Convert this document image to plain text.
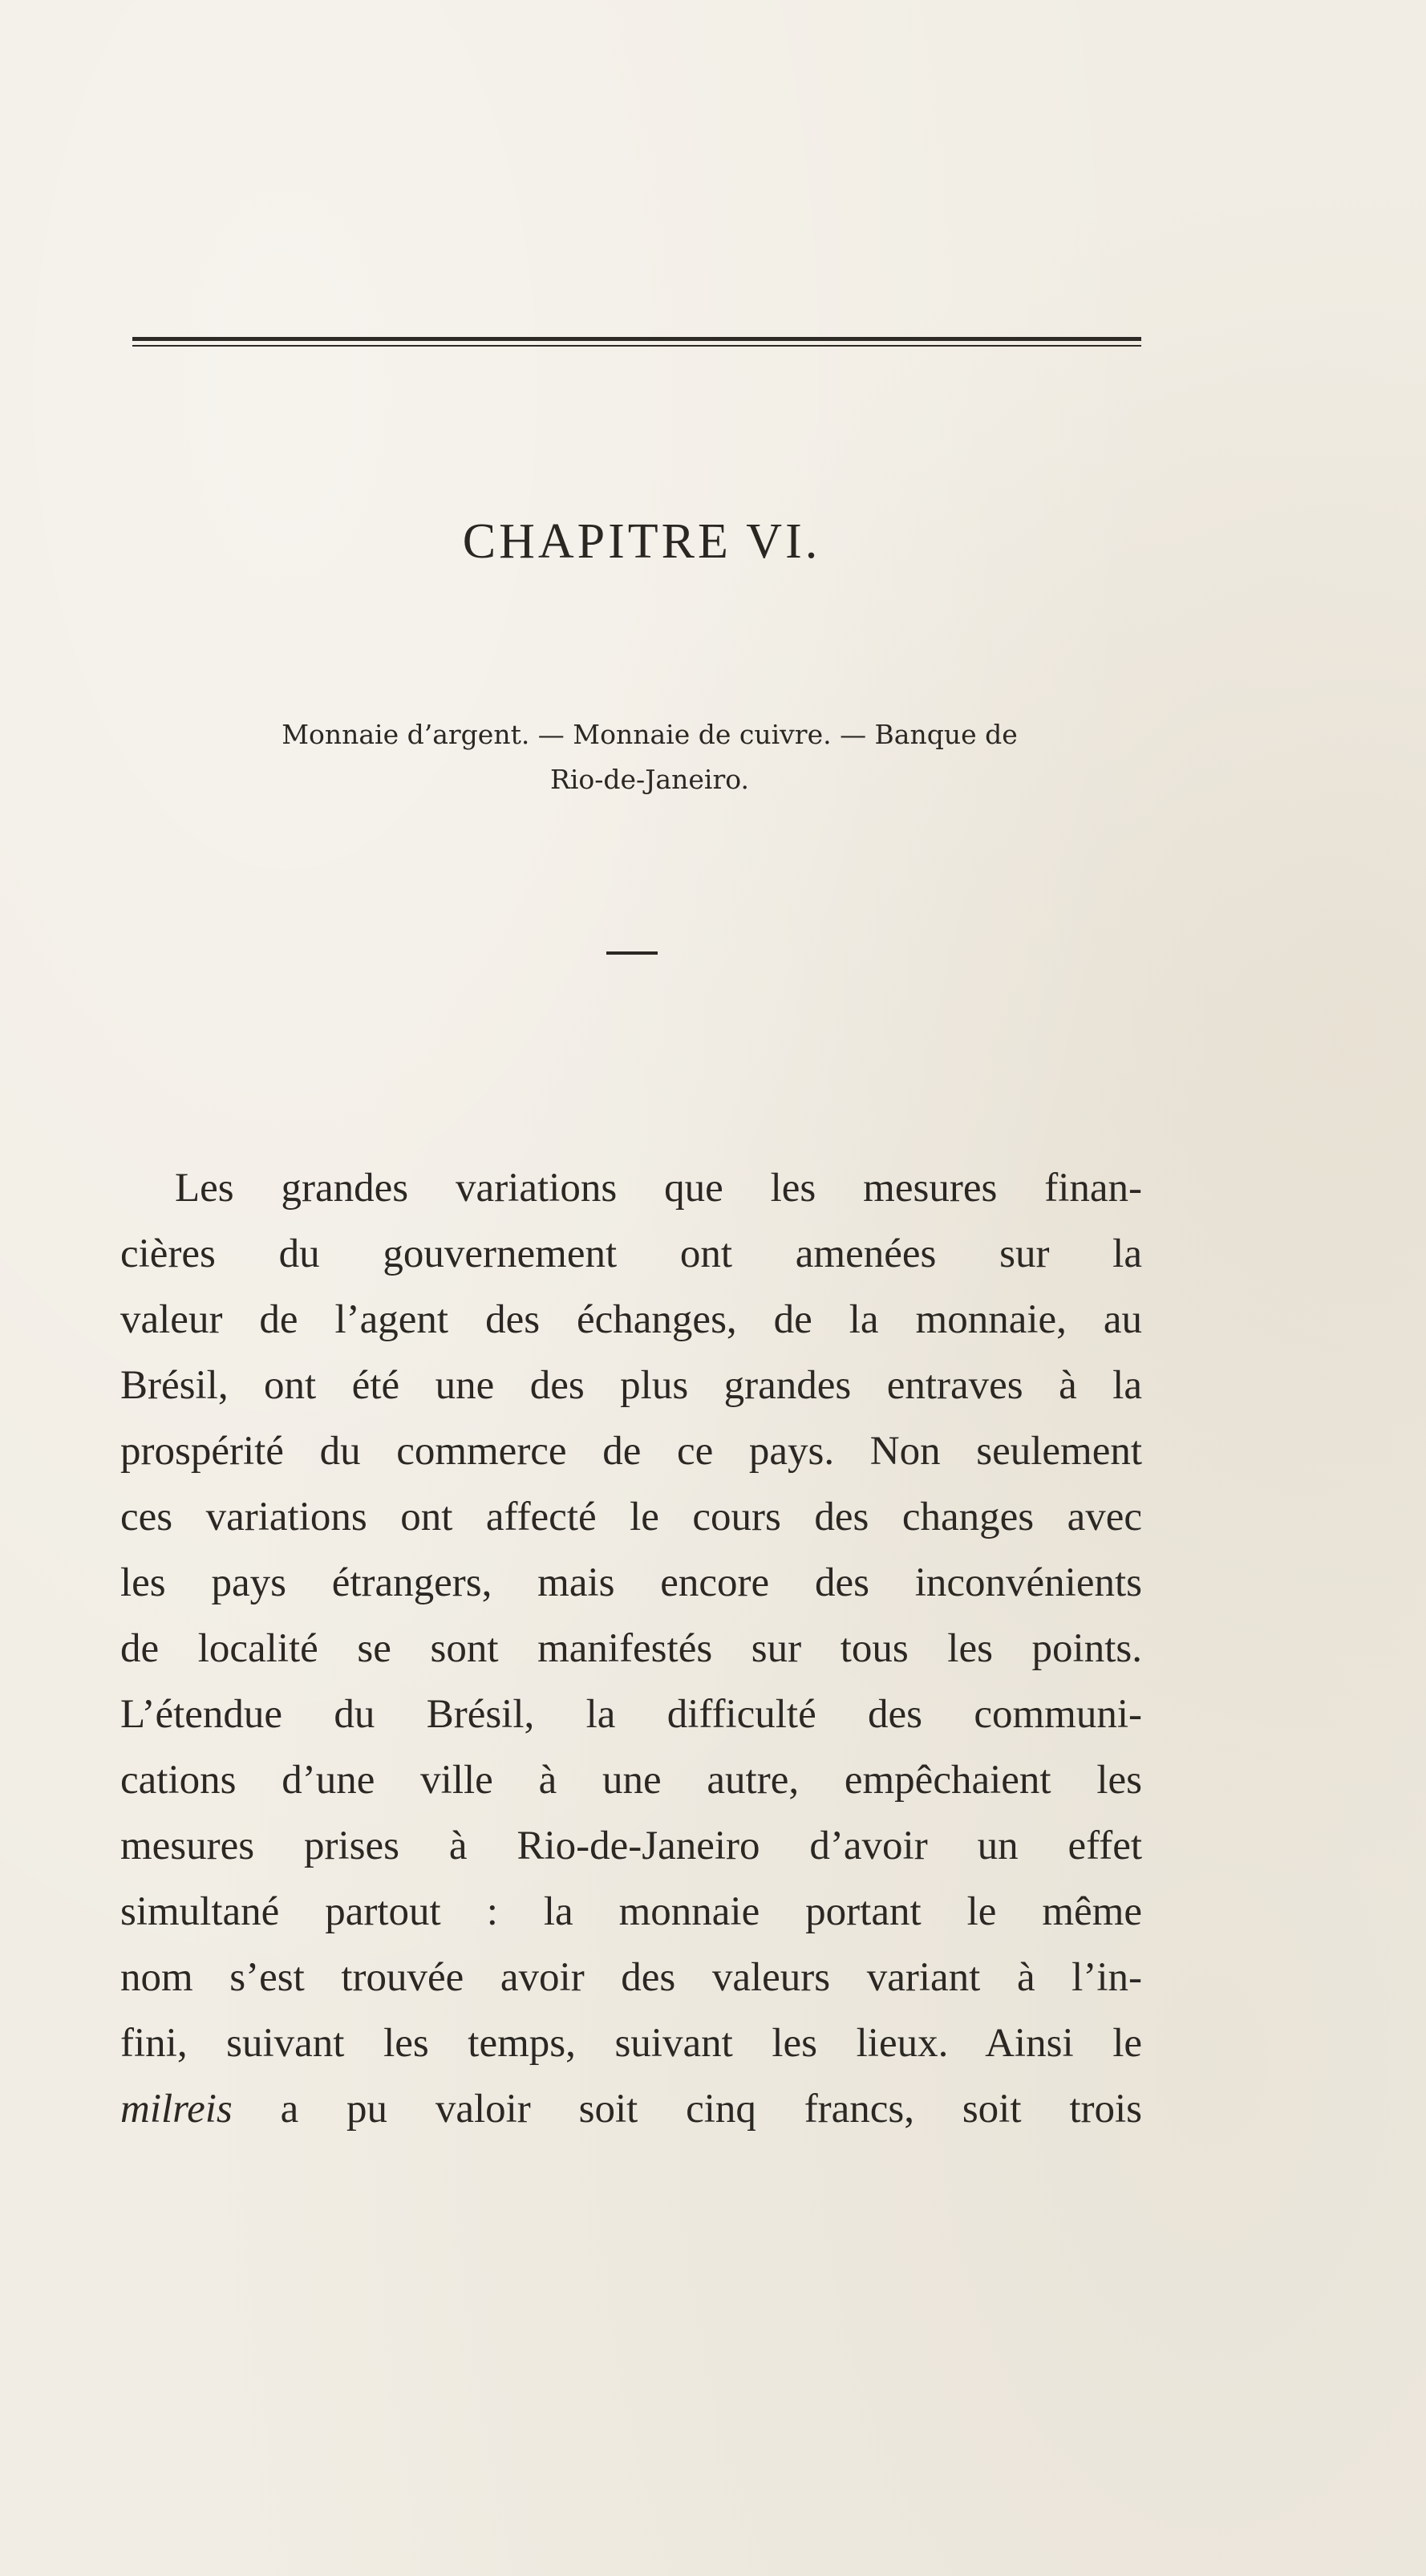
CHAPITRE VI.
Monnaie d’argent. — Monnaie de cuivre. — Banque de
Rio-de-Janeiro.
Les grandes variations que les mesures finan-
cières du gouvernement ont amenées sur la
valeur de l’agent des échanges, de la monnaie, au
Brésil, ont été une des plus grandes entraves à la
prospérité du commerce de ce pays. Non seulement
ces variations ont affecté le cours des changes avec
les pays étrangers, mais encore des inconvénients
de localité se sont manifestés sur tous les points.
L’étendue du Brésil, la difficulté des communi-
cations d’une ville à une autre, empêchaient les
mesures prises à Rio-de-Janeiro d’avoir un effet
simultané partout : la monnaie portant le même
nom s’est trouvée avoir des valeurs variant à l’in-
fini, suivant les temps, suivant les lieux. Ainsi le
milreis a pu valoir soit cinq francs, soit trois
